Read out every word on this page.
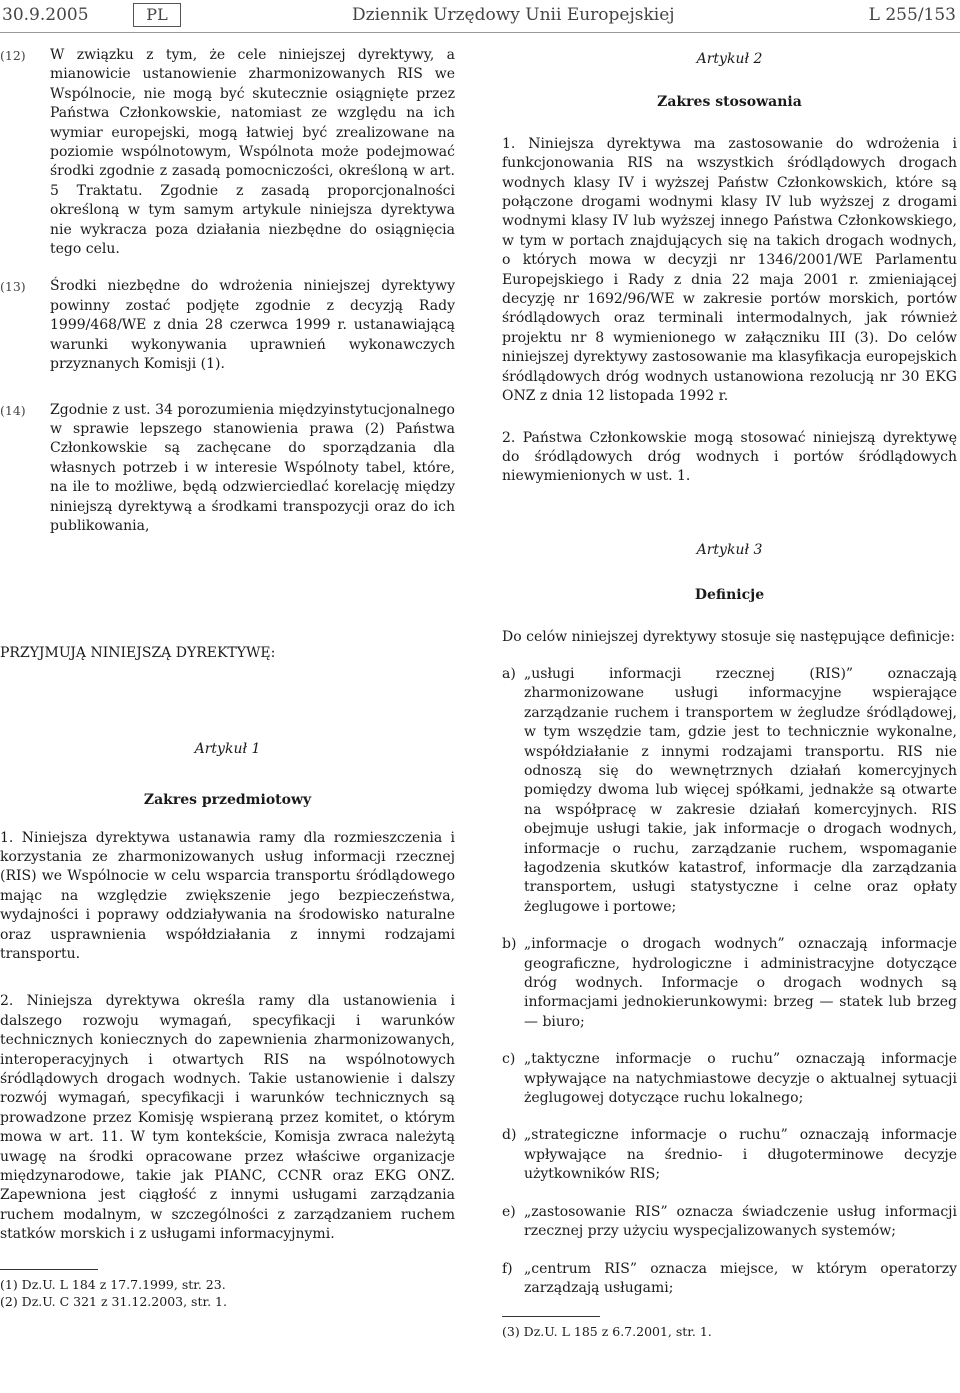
30.9.2005	PL	Dziennik Urzędowy Unii Europejskiej	L 255/153
(12)	W związku z tym, że cele niniejszej dyrektywy, a mianowicie ustanowienie zharmonizowanych RIS we Wspólnocie, nie mogą być skutecznie osiągnięte przez Państwa Członkowskie, natomiast ze względu na ich wymiar europejski, mogą łatwiej być zrealizowane na poziomie wspólnotowym, Wspólnota może podejmować środki zgodnie z zasadą pomocniczości, określoną w art. 5 Traktatu. Zgodnie z zasadą proporcjonalności określoną w tym samym artykule niniejsza dyrektywa nie wykracza poza działania niezbędne do osiągnięcia tego celu.
(13)	Środki niezbędne do wdrożenia niniejszej dyrektywy powinny zostać podjęte zgodnie z decyzją Rady 1999/468/WE z dnia 28 czerwca 1999 r. ustanawiającą warunki wykonywania uprawnień wykonawczych przyznanych Komisji (1).
(14)	Zgodnie z ust. 34 porozumienia międzyinstytucjonalnego w sprawie lepszego stanowienia prawa (2) Państwa Członkowskie są zachęcane do sporządzania dla własnych potrzeb i w interesie Wspólnoty tabel, które, na ile to możliwe, będą odzwierciedlać korelację między niniejszą dyrektywą a środkami transpozycji oraz do ich publikowania,
PRZYJMUJĄ NINIEJSZĄ DYREKTYWĘ:
Artykuł 1
Zakres przedmiotowy

1. Niniejsza dyrektywa ustanawia ramy dla rozmieszczenia i korzystania ze zharmonizowanych usług informacji rzecznej (RIS) we Wspólnocie w celu wsparcia transportu śródlądowego mając na względzie zwiększenie jego bezpieczeństwa, wydajności i poprawy oddziaływania na środowisko naturalne oraz usprawnienia współdziałania z innymi rodzajami transportu.

2. Niniejsza dyrektywa określa ramy dla ustanowienia i dalszego rozwoju wymagań, specyfikacji i warunków technicznych koniecznych do zapewnienia zharmonizowanych, interoperacyjnych i otwartych RIS na wspólnotowych śródlądowych drogach wodnych. Takie ustanowienie i dalszy rozwój wymagań, specyfikacji i warunków technicznych są prowadzone przez Komisję wspieraną przez komitet, o którym mowa w art. 11. W tym kontekście, Komisja zwraca należytą uwagę na środki opracowane przez właściwe organizacje międzynarodowe, takie jak PIANC, CCNR oraz EKG ONZ. Zapewniona jest ciągłość z innymi usługami zarządzania ruchem modalnym, w szczególności z zarządzaniem ruchem statków morskich i z usługami informacyjnymi.

(1) Dz.U. L 184 z 17.7.1999, str. 23.
(2) Dz.U. C 321 z 31.12.2003, str. 1.
Artykuł 2
Zakres stosowania

1. Niniejsza dyrektywa ma zastosowanie do wdrożenia i funkcjonowania RIS na wszystkich śródlądowych drogach wodnych klasy IV i wyższej Państw Członkowskich, które są połączone drogami wodnymi klasy IV lub wyższej z drogami wodnymi klasy IV lub wyższej innego Państwa Członkowskiego, w tym w portach znajdujących się na takich drogach wodnych, o których mowa w decyzji nr 1346/2001/WE Parlamentu Europejskiego i Rady z dnia 22 maja 2001 r. zmieniającej decyzję nr 1692/96/WE w zakresie portów morskich, portów śródlądowych oraz terminali intermodalnych, jak również projektu nr 8 wymienionego w załączniku III (3). Do celów niniejszej dyrektywy zastosowanie ma klasyfikacja europejskich śródlądowych dróg wodnych ustanowiona rezolucją nr 30 EKG ONZ z dnia 12 listopada 1992 r.

2. Państwa Członkowskie mogą stosować niniejszą dyrektywę do śródlądowych dróg wodnych i portów śródlądowych niewymienionych w ust. 1.

Artykuł 3
Definicje

Do celów niniejszej dyrektywy stosuje się następujące definicje:

a) „usługi informacji rzecznej (RIS)” oznaczają zharmonizowane usługi informacyjne wspierające zarządzanie ruchem i transportem w żegludze śródlądowej, w tym wszędzie tam, gdzie jest to technicznie wykonalne, współdziałanie z innymi rodzajami transportu. RIS nie odnoszą się do wewnętrznych działań komercyjnych pomiędzy dwoma lub więcej spółkami, jednakże są otwarte na współpracę w zakresie działań komercyjnych. RIS obejmuje usługi takie, jak informacje o drogach wodnych, informacje o ruchu, zarządzanie ruchem, wspomaganie łagodzenia skutków katastrof, informacje dla zarządzania transportem, usługi statystyczne i celne oraz opłaty żeglugowe i portowe;
b) „informacje o drogach wodnych” oznaczają informacje geograficzne, hydrologiczne i administracyjne dotyczące dróg wodnych. Informacje o drogach wodnych są informacjami jednokierunkowymi: brzeg — statek lub brzeg — biuro;
c) „taktyczne informacje o ruchu” oznaczają informacje wpływające na natychmiastowe decyzje o aktualnej sytuacji żeglugowej dotyczące ruchu lokalnego;
d) „strategiczne informacje o ruchu” oznaczają informacje wpływające na średnio- i długoterminowe decyzje użytkowników RIS;
e) „zastosowanie RIS” oznacza świadczenie usług informacji rzecznej przy użyciu wyspecjalizowanych systemów;
f) „centrum RIS” oznacza miejsce, w którym operatorzy zarządzają usługami;
(3) Dz.U. L 185 z 6.7.2001, str. 1.
